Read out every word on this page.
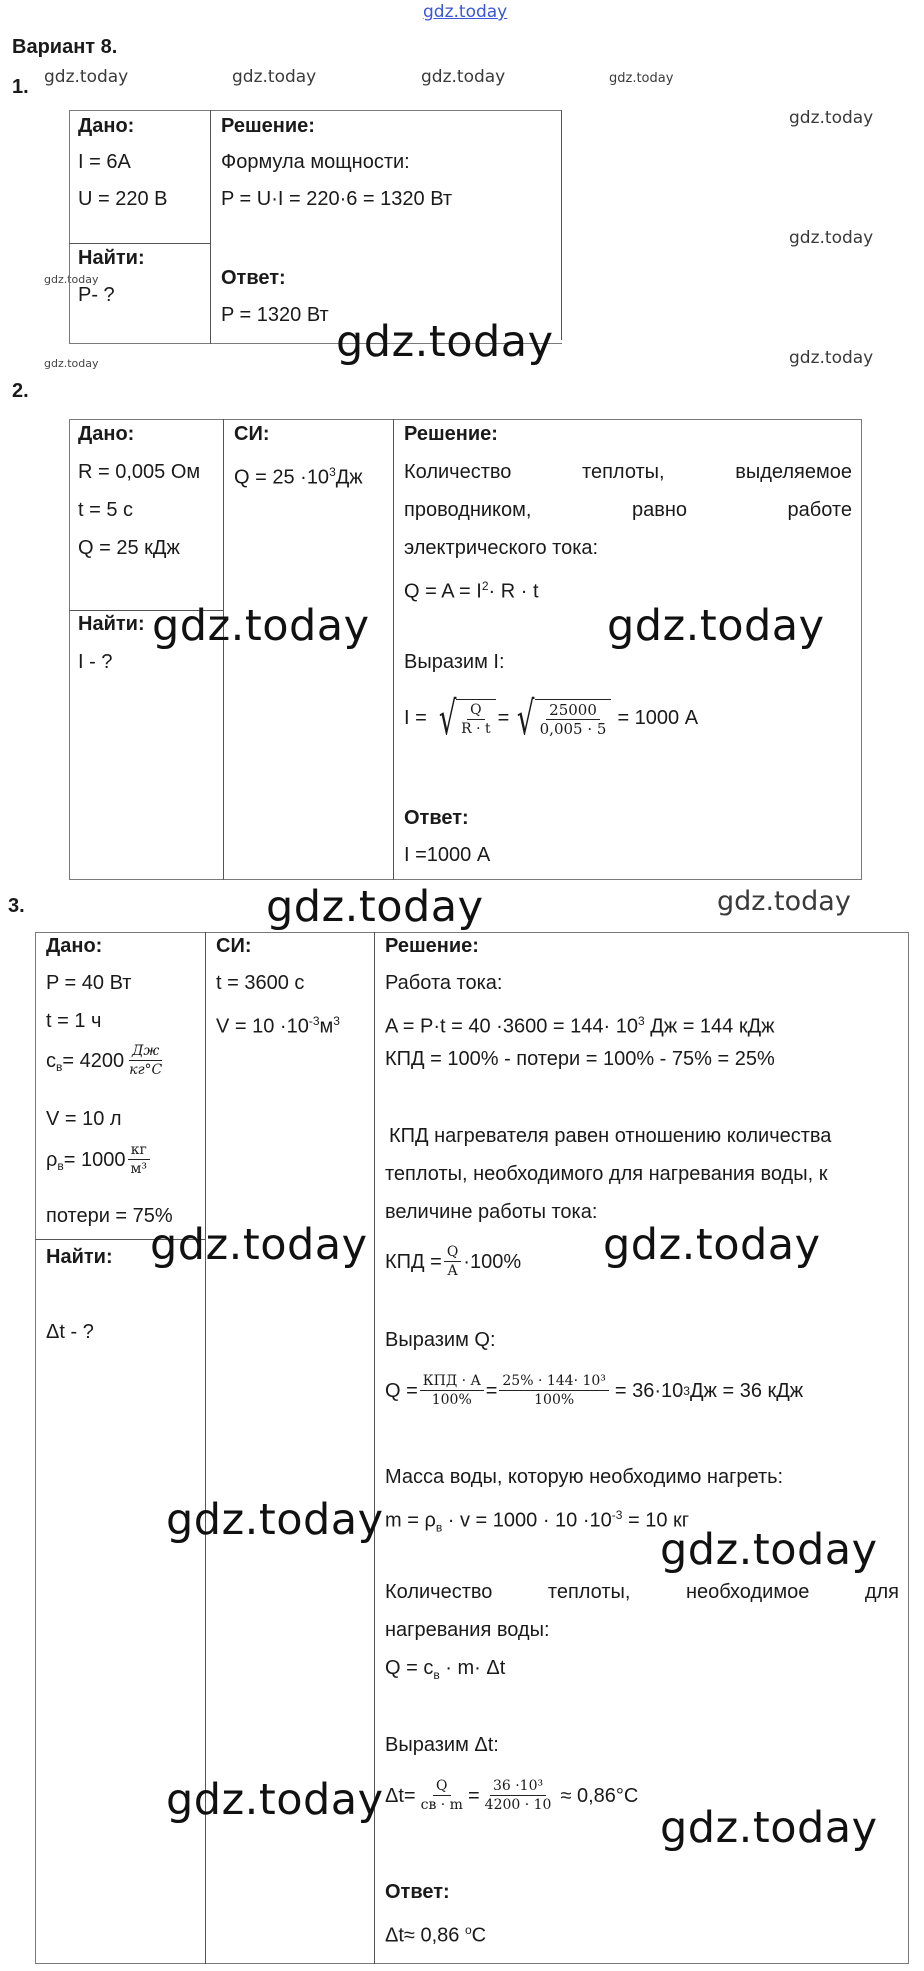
gdz.today
Вариант 8.
gdz.today	gdz.today	gdz.today	gdz.today
gdz.today
gdz.today
gdz.today
gdz.today
gdz.today
1.
Дано:
I = 6A
U = 220 В
Найти:
P- ?
Решение:
Формула мощности:
P = U·I = 220·6 = 1320 Вт
Ответ:
P = 1320 Вт
gdz.today
2.
Дано:
R = 0,005 Ом
t = 5 с
Q = 25 кДж
Найти:
I - ?
СИ:
$Q = 25 \cdot 10^3Дж$
Решение:
Количество	теплоты,	выделяемое
проводником,	равно	работе
электрического тока:
$Q = A = I^2\cdot R \cdot t$
Выразим I:
I = √ $\frac{Q}{R \cdot t}$ = √ $\frac{25000}{0,005 \cdot 5} = 1000$ А
Ответ:
I =1000 А
gdz.today	gdz.today
3.	gdz.today	gdz.today
Дано:
P = 40 Вт
t = 1 ч
$c_в = 4200 \frac{Дж}{кг^\circ C}$
V = 10 л
$\rho_в = 1000 \frac{кг}{\text{м³}}$
потери = 75%
Найти:
Δt - ?
СИ:
t = 3600 с
$V = 10 \cdot 10^{-3}м^3$
Решение:
Работа тока:
$A = P\cdot t = 40 \cdot 3600 = 144\cdot 10^3$ Дж = 144 кДж
КПД = 100% - потери = 100% - 75% = 25%
КПД нагревателя равен отношению количества
теплоты, необходимого для нагревания воды, к
величине работы тока:
КПД = $\frac{Q}{A} \cdot 100\%$
Выразим Q:
$Q = \frac{\text{КПД · A}}{100\%} = \frac{\text{25\% · 144· 10³}}{100\%} = 36\cdot 10$ 3 Дж = 36 кДж
Масса воды, которую необходимо нагреть:
$m = \rho_в \cdot v = 1000 \cdot 10 \cdot 10^{-3} = 10$ кг
Количество	теплоты,	необходимое	для
нагревания воды:
$Q = c_в \cdot m\cdot \Delta t$
Выразим Δt:
$\Delta t= \frac{Q}{cв \cdot m} = \frac{\text{36 ·10³}}{4200 \cdot 10} \approx 0,86^\circ C$
Ответ:
Δt≈ 0,86 $^o$C
gdz.today	gdz.today
gdz.today
gdz.today
gdz.today
gdz.today
